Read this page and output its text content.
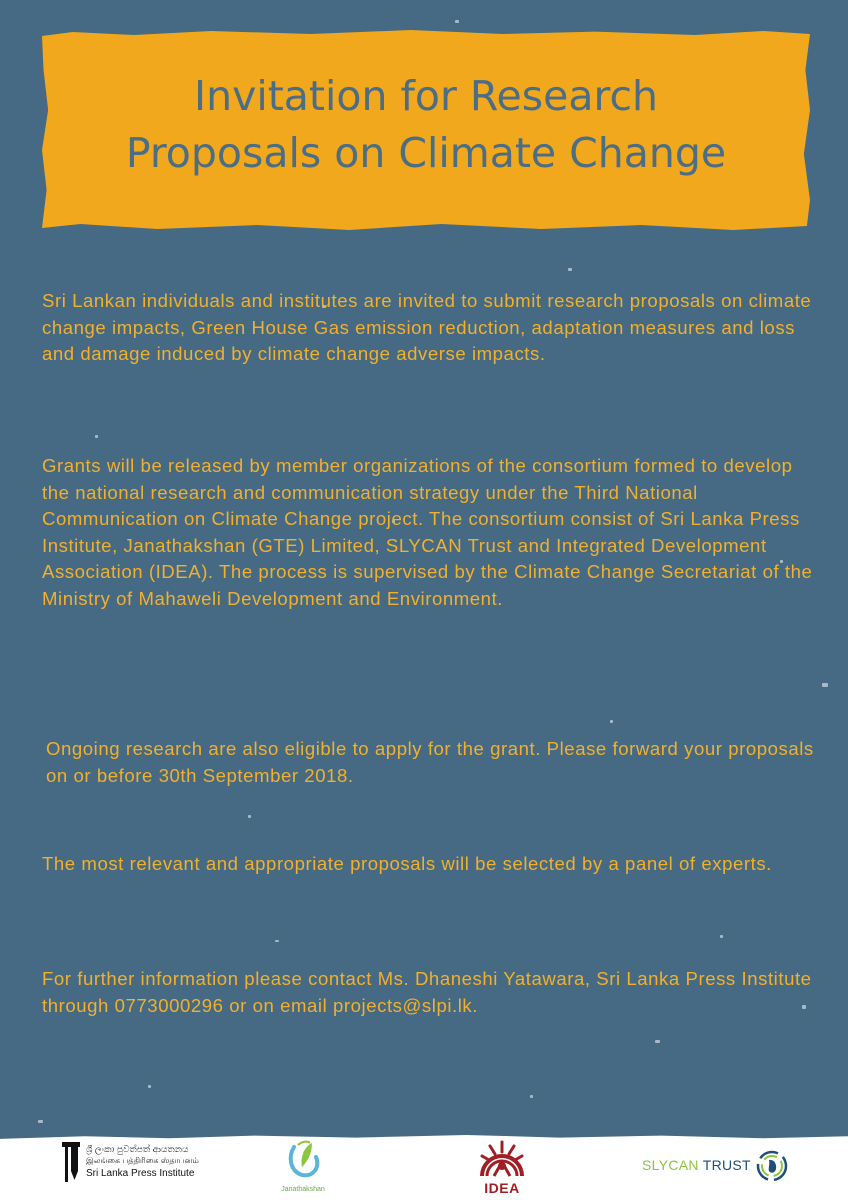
Invitation for Research
Proposals on Climate Change

Sri Lankan individuals and institutes are invited to submit research proposals on climate change impacts, Green House Gas emission reduction, adaptation measures and loss and damage induced by climate change adverse impacts.

Grants will be released by member organizations of the consortium formed to develop the national research and communication strategy under the Third National Communication on Climate Change project. The consortium consist of Sri Lanka Press Institute, Janathakshan (GTE) Limited, SLYCAN Trust and Integrated Development Association (IDEA). The process is supervised by the Climate Change Secretariat of the Ministry of Mahaweli Development and Environment.

Ongoing research are also eligible to apply for the grant. Please forward your proposals on or before 30th September 2018.

The most relevant and appropriate proposals will be selected by a panel of experts.

For further information please contact Ms. Dhaneshi Yatawara, Sri Lanka Press Institute through 0773000296 or on email projects@slpi.lk.

ශ්‍රී ලංකා පුවත්පත් ආයතනය
இலங்கை பத்திரிகை ஸ்தாபனம்
Sri Lanka Press Institute
Janathakshan	IDEA
SLYCAN TRUST
